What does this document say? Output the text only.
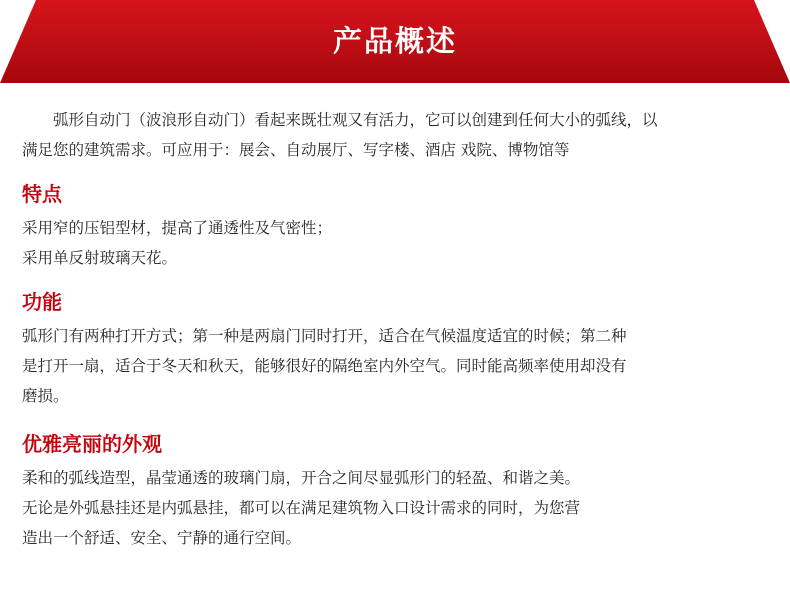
产品概述

弧形自动门（波浪形自动门）看起来既壮观又有活力，它可以创建到任何大小的弧线，以
满足您的建筑需求。可应用于：展会、自动展厅、写字楼、酒店 戏院、博物馆等

特点

采用窄的压铝型材，提高了通透性及气密性；
采用单反射玻璃天花。

功能

弧形门有两种打开方式；第一种是两扇门同时打开，适合在气候温度适宜的时候；第二种
是打开一扇，适合于冬天和秋天，能够很好的隔绝室内外空气。同时能高频率使用却没有
磨损。

优雅亮丽的外观

柔和的弧线造型，晶莹通透的玻璃门扇，开合之间尽显弧形门的轻盈、和谐之美。
无论是外弧悬挂还是内弧悬挂，都可以在满足建筑物入口设计需求的同时，为您营
造出一个舒适、安全、宁静的通行空间。
